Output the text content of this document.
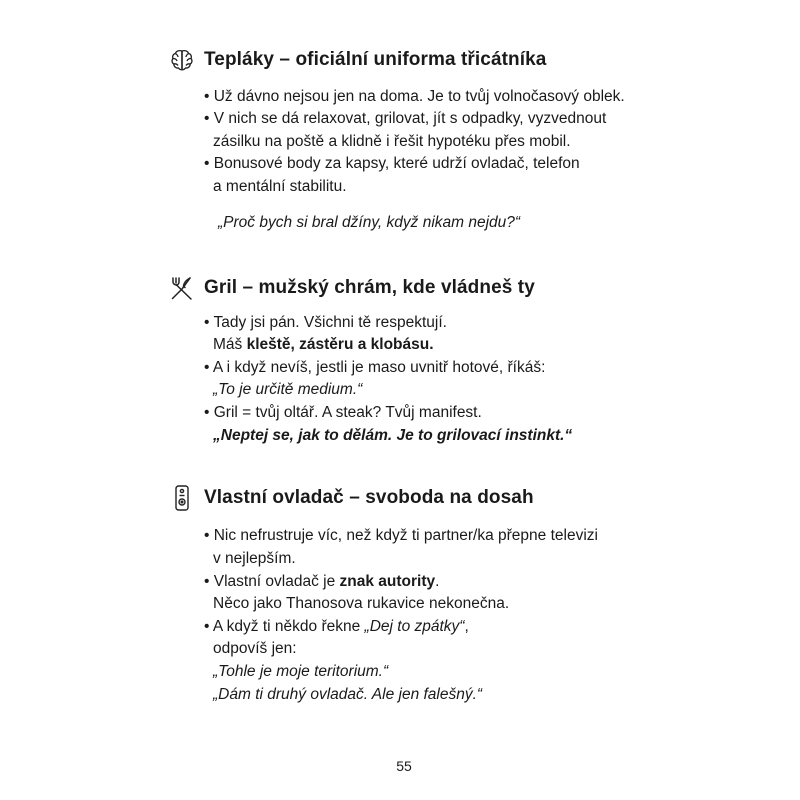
Tepláky – oficiální uniforma třicátníka
• Už dávno nejsou jen na doma. Je to tvůj volnočasový oblek.
• V nich se dá relaxovat, grilovat, jít s odpadky, vyzvednout
zásilku na poště a klidně i řešit hypotéku přes mobil.
• Bonusové body za kapsy, které udrží ovladač, telefon
a mentální stabilitu.
„Proč bych si bral džíny, když nikam nejdu?“
Gril – mužský chrám, kde vládneš ty
• Tady jsi pán. Všichni tě respektují.
Máš kleště, zástěru a klobásu.
• A i když nevíš, jestli je maso uvnitř hotové, říkáš:
„To je určitě medium.“
• Gril = tvůj oltář. A steak? Tvůj manifest.
„Neptej se, jak to dělám. Je to grilovací instinkt.“
Vlastní ovladač – svoboda na dosah
• Nic nefrustruje víc, než když ti partner/ka přepne televizi
v nejlepším.
• Vlastní ovladač je znak autority.
Něco jako Thanosova rukavice nekonečna.
• A když ti někdo řekne „Dej to zpátky“,
odpovíš jen:
„Tohle je moje teritorium.“
„Dám ti druhý ovladač. Ale jen falešný.“
55
